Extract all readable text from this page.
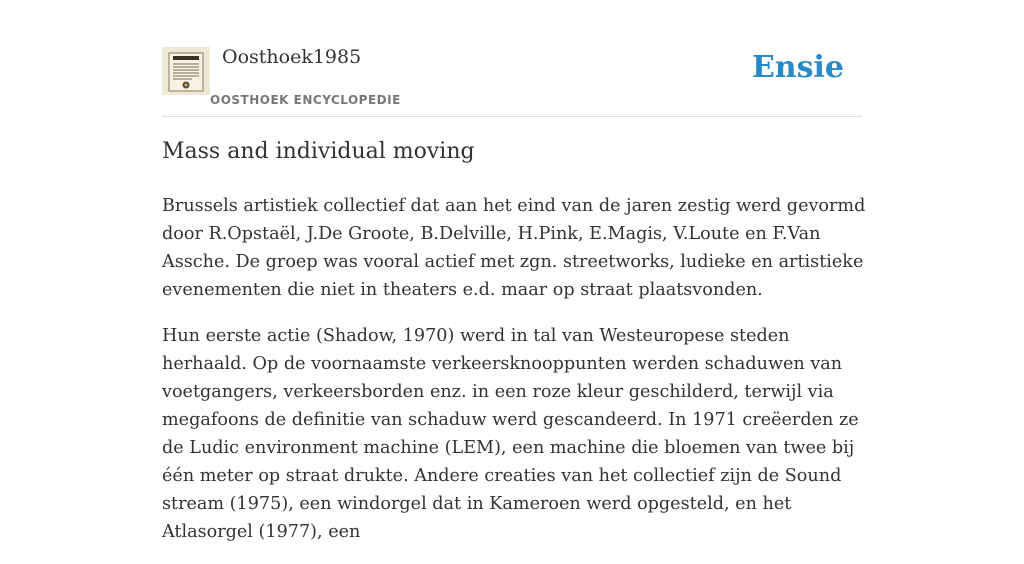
Oosthoek1985
OOSTHOEK ENCYCLOPEDIE
Ensie
Mass and individual moving

Brussels artistiek collectief dat aan het eind van de jaren zestig werd gevormd door R.Opstaël, J.De Groote, B.Delville, H.Pink, E.Magis, V.Loute en F.Van Assche. De groep was vooral actief met zgn. streetworks, ludieke en artistieke evenementen die niet in theaters e.d. maar op straat plaatsvonden.

Hun eerste actie (Shadow, 1970) werd in tal van Westeuropese steden herhaald. Op de voornaamste verkeersknooppunten werden schaduwen van voetgangers, verkeersborden enz. in een roze kleur geschilderd, terwijl via megafoons de definitie van schaduw werd gescandeerd. In 1971 creëerden ze de Ludic environment machine (LEM), een machine die bloemen van twee bij één meter op straat drukte. Andere creaties van het collectief zijn de Sound stream (1975), een windorgel dat in Kameroen werd opgesteld, en het Atlasorgel (1977), een
